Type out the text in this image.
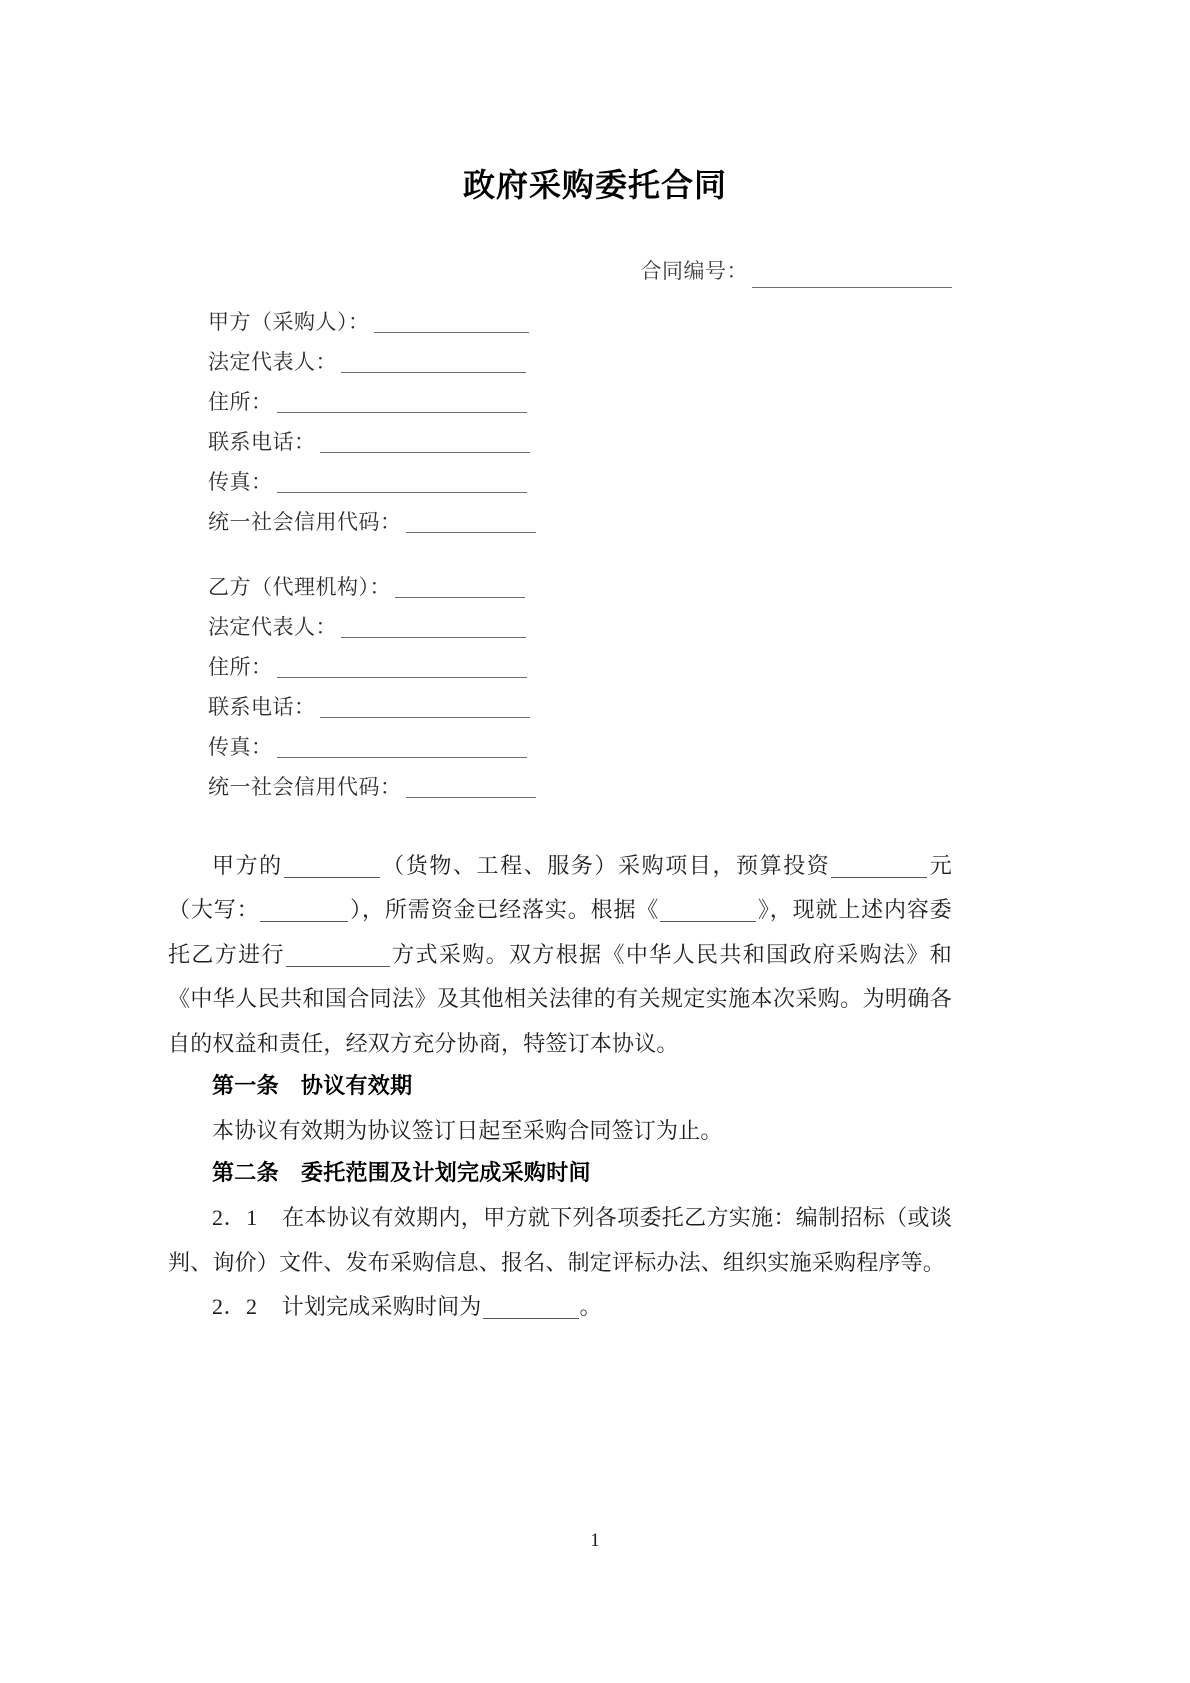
政府采购委托合同
合同编号：
甲方（采购人）：
法定代表人：
住所：
联系电话：
传真：
统一社会信用代码：
乙方（代理机构）：
法定代表人：
住所：
联系电话：
传真：
统一社会信用代码：
甲方的	（货物、工程、服务）采购项目，预算投资	元（大写：	），所需资金已经落实。根据《	》，现就上述内容委托乙方进行	方式采购。双方根据《中华人民共和国政府采购法》和《中华人民共和国合同法》及其他相关法律的有关规定实施本次采购。为明确各自的权益和责任，经双方充分协商，特签订本协议。
第一条 协议有效期
本协议有效期为协议签订日起至采购合同签订为止。
第二条 委托范围及计划完成采购时间
2．1 在本协议有效期内，甲方就下列各项委托乙方实施：编制招标（或谈判、询价）文件、发布采购信息、报名、制定评标办法、组织实施采购程序等。
2．2 计划完成采购时间为	。
1
